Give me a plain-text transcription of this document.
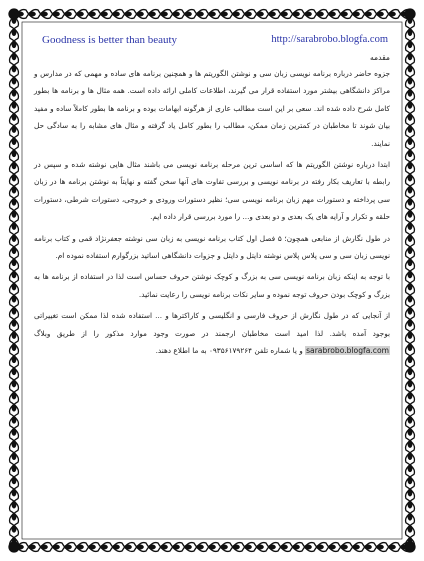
Goodness is better than beauty	http://sarabrobo.blogfa.com

مقدمه

جزوه حاضر درباره برنامه نویسی زبان سی و نوشتن الگوریتم ها و همچنین برنامه های ساده و مهمی که در مدارس و مراکز دانشگاهی بیشتر مورد استفاده قرار می گیرند، اطلاعات کاملی ارائه داده است. همه مثال ها و برنامه ها بطور کامل شرح داده شده اند. سعی بر این است مطالب عاری از هرگونه ابهامات بوده و برنامه ها بطور کاملاً ساده و مفید بیان شوند تا مخاطبان در کمترین زمان ممکن، مطالب را بطور کامل یاد گرفته و مثال های مشابه را به سادگی حل نمایند.

ابتدا درباره نوشتن الگوریتم ها که اساسی ترین مرحله برنامه نویسی می باشند مثال هایی نوشته شده و سپس در رابطه با تعاریف بکار رفته در برنامه نویسی و بررسی تفاوت های آنها سخن گفته و نهایتاً به نوشتن برنامه ها در زبان سی پرداخته و دستورات مهم زبان برنامه نویسی سی؛ نظیر دستورات ورودی و خروجی، دستورات شرطی، دستورات حلقه و تکرار و آرایه های یک بعدی و دو بعدی و... را مورد بررسی قرار داده ایم.

در طول نگارش از منابعی همچون؛ ۵ فصل اول کتاب برنامه نویسی به زبان سی نوشته جعفرنژاد قمی و کتاب برنامه نویسی زبان سی و سی پلاس پلاس نوشته دایتل و دایتل و جزوات دانشگاهی اساتید بزرگوارم استفاده نموده ام.

با توجه به اینکه زبان برنامه نویسی سی به بزرگ و کوچک نوشتن حروف حساس است لذا در استفاده از برنامه ها به بزرگ و کوچک بودن حروف توجه نموده و سایر نکات برنامه نویسی را رعایت نمائید.

از آنجایی که در طول نگارش از حروف فارسی و انگلیسی و کاراکترها و ... استفاده شده لذا ممکن است تغییراتی بوجود آمده باشد. لذا امید است مخاطبان ارجمند در صورت وجود موارد مذکور را از طریق وبلاگ sarabrobo.blogfa.com و یا شماره تلفن ۰۹۳۵۶۱۷۹۲۶۴ به ما اطلاع دهند.
